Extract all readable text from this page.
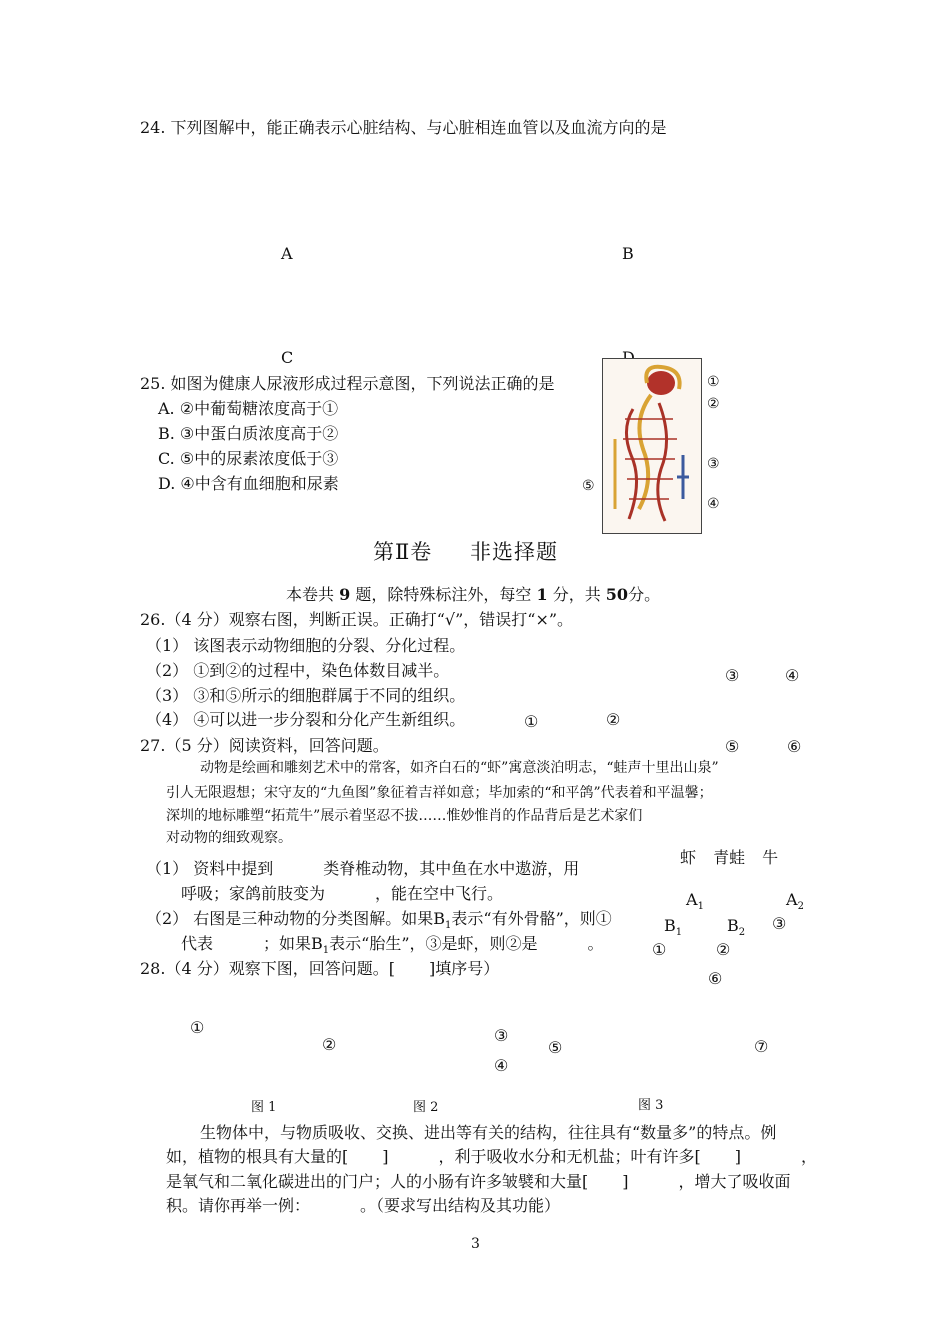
24. 下列图解中，能正确表示心脏结构、与心脏相连血管以及血流方向的是
A	B
C
25. 如图为健康人尿液形成过程示意图，下列说法正确的是
A. ②中葡萄糖浓度高于①
B. ③中蛋白质浓度高于②
C. ⑤中的尿素浓度低于③
D. ④中含有血细胞和尿素
①
②
③
④
⑤
第Ⅱ卷 非选择题
本卷共 9 题，除特殊标注外，每空 1 分，共 50分。
26.（4 分）观察右图，判断正误。正确打“√”，错误打“×”。
（1） 该图表示动物细胞的分裂、分化过程。
（2） ①到②的过程中，染色体数目减半。
（3） ③和⑤所示的细胞群属于不同的组织。
（4） ④可以进一步分裂和分化产生新组织。
③	④
①	②
⑤	⑥
27.（5 分）阅读资料，回答问题。
动物是绘画和雕刻艺术中的常客，如齐白石的“虾”寓意淡泊明志，“蛙声十里出山泉”
引人无限遐想；宋守友的“九鱼图”象征着吉祥如意；毕加索的“和平鸽”代表着和平温馨；
深圳的地标雕塑“拓荒牛”展示着坚忍不拔……惟妙惟肖的作品背后是艺术家们
对动物的细致观察。
（1） 资料中提到	类脊椎动物，其中鱼在水中遨游，用
呼吸；家鸽前肢变为	，能在空中飞行。
（2） 右图是三种动物的分类图解。如果$B_1$表示“有外骨骼”，则①
代表	；如果$B_1$表示“胎生”，③是虾，则②是	。
虾 青蛙 牛
$A_1$	$A_2$
$B_1$	$B_2$ ③
①	②
28.（4 分）观察下图，回答问题。[ ]填序号）
⑥
①
②	③
⑤
④
⑦
图 1	图 2	图 3
生物体中，与物质吸收、交换、进出等有关的结构，往往具有“数量多”的特点。例
如，植物的根具有大量的[ ]	，利于吸收水分和无机盐；叶有许多[ ]	，
是氧气和二氧化碳进出的门户；人的小肠有许多皱襞和大量[ ]	，增大了吸收面
积。请你再举一例：	。（要求写出结构及其功能）
3
